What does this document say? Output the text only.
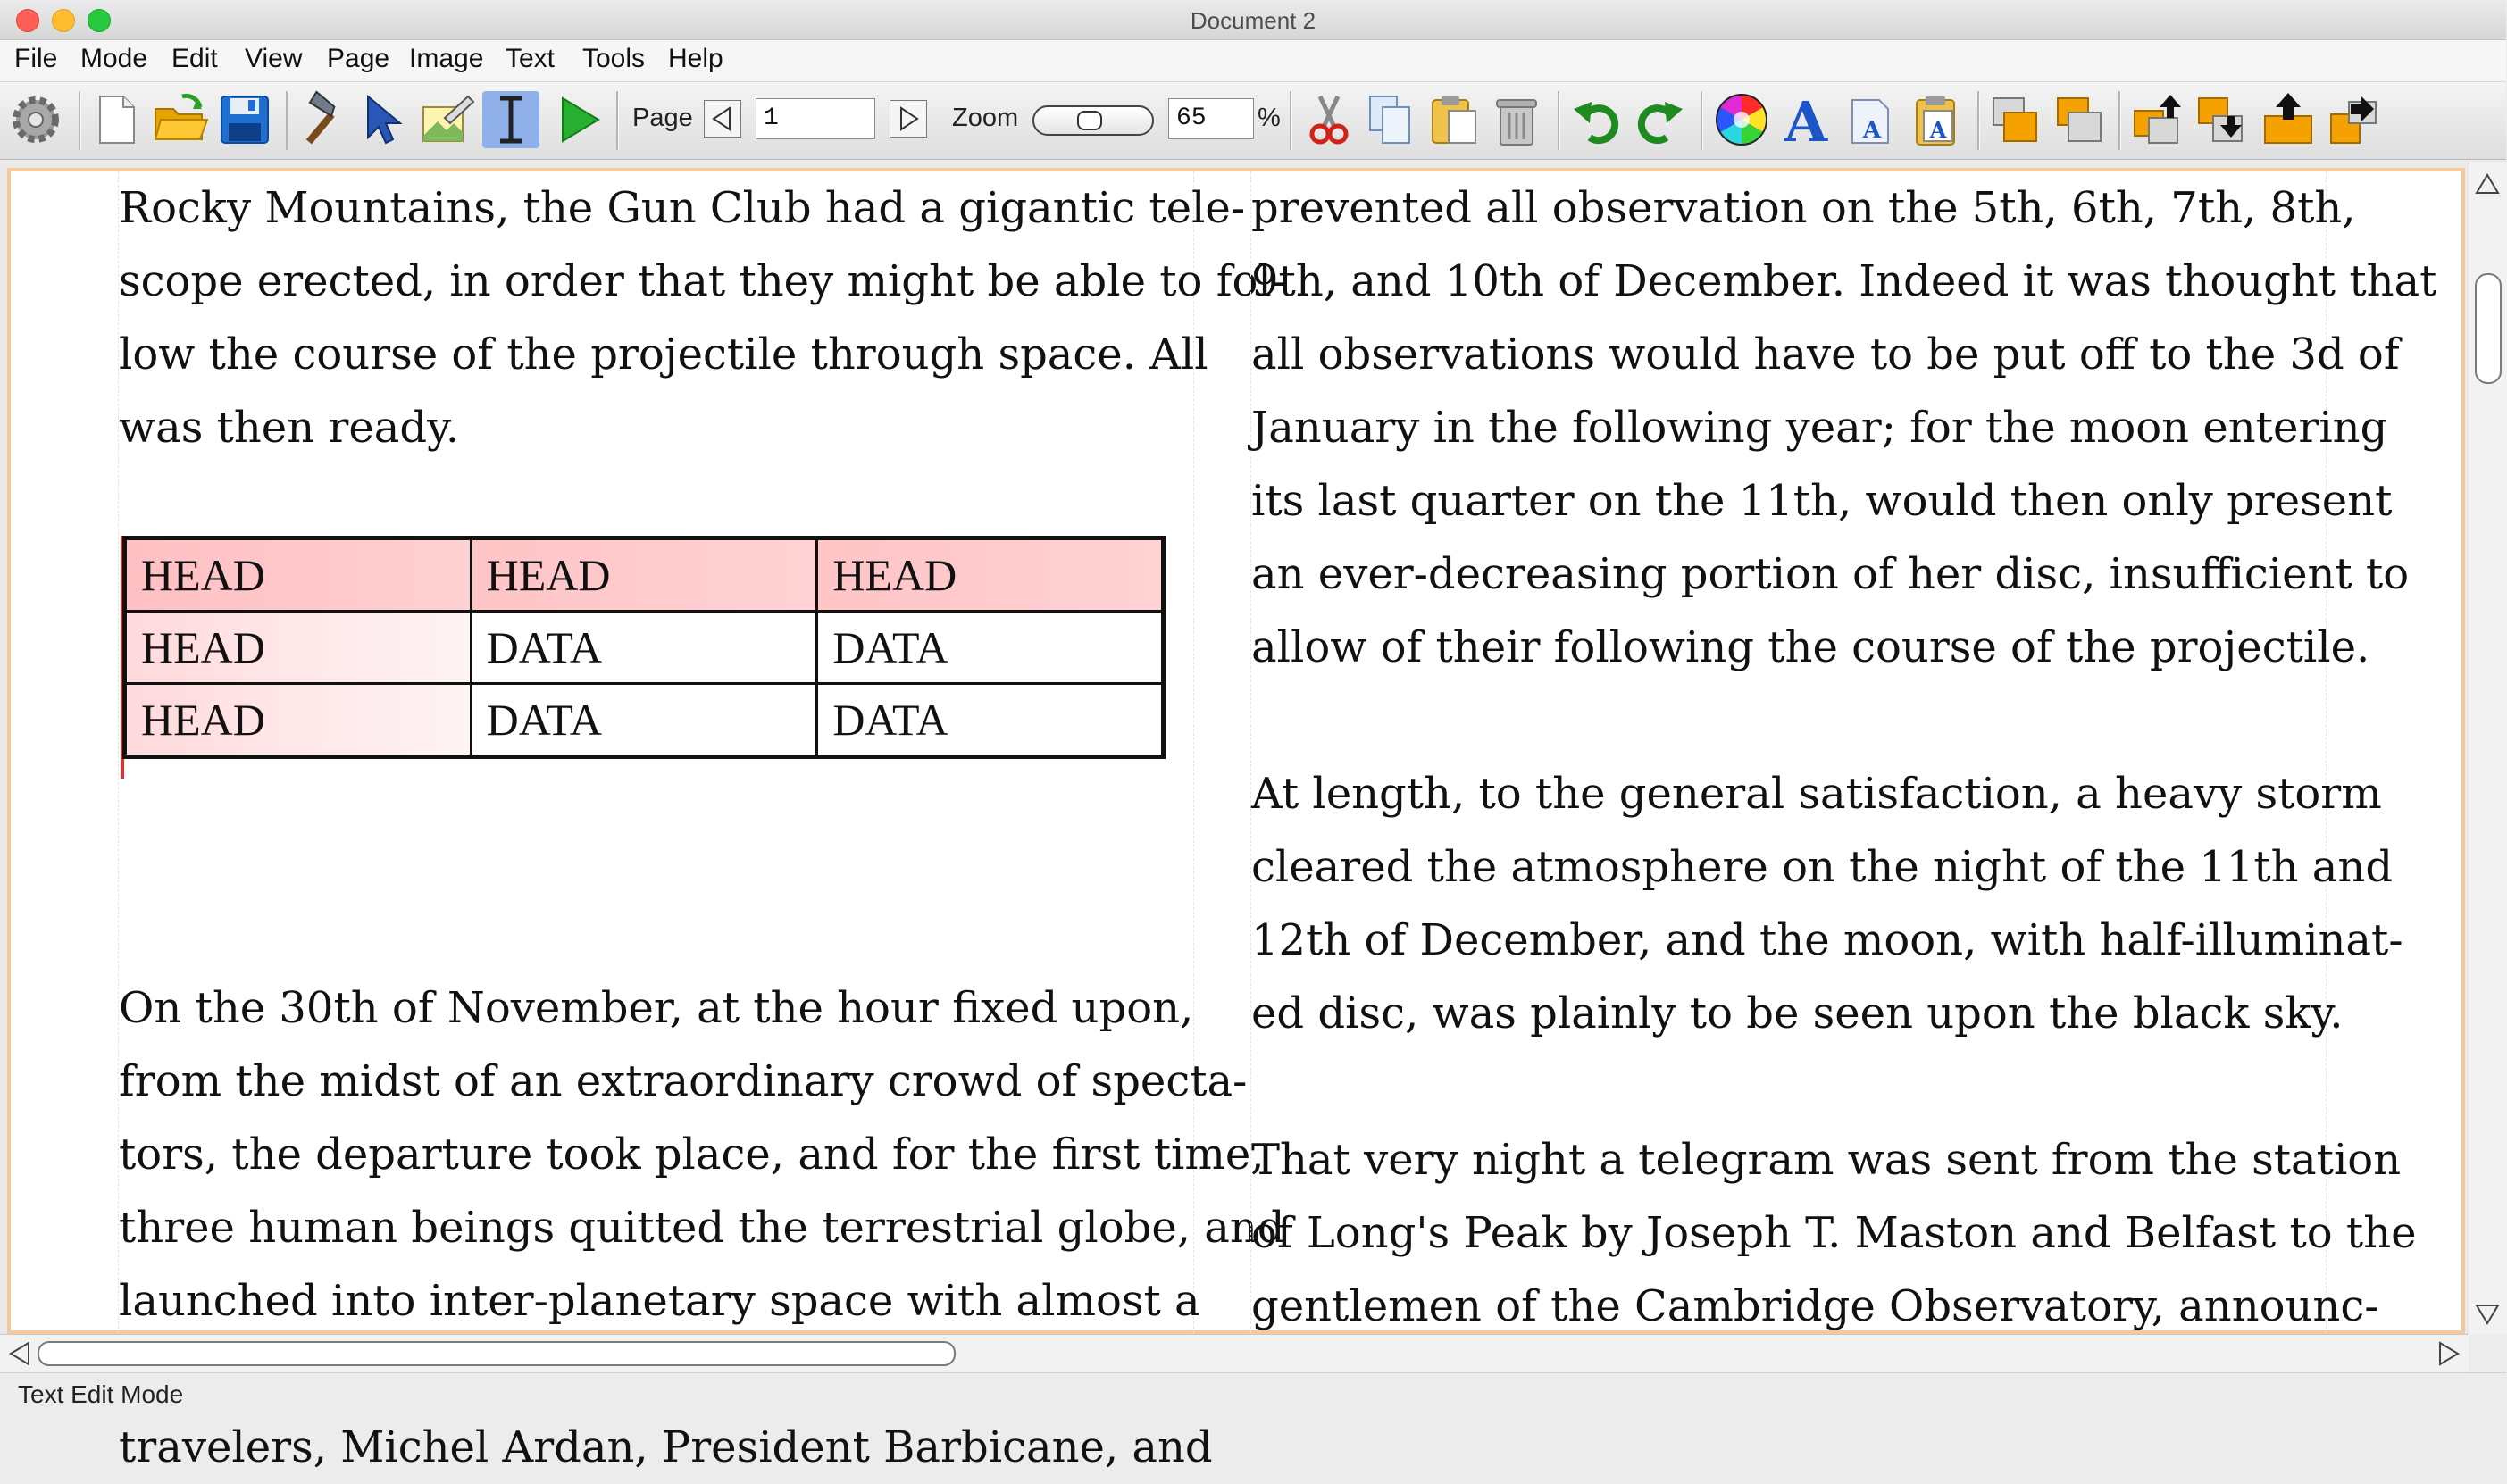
Document 2
File Mode Edit View Page Image Text Tools Help
Page	1	Zoom	65	%	A A A

Rocky Mountains, the Gun Club had a gigantic tele-

scope erected, in order that they might be able to fol-

low the course of the projectile through space. All

was then ready.

HEAD	HEAD	HEAD
HEAD	DATA	DATA
HEAD	DATA	DATA

On the 30th of November, at the hour fixed upon,

from the midst of an extraordinary crowd of specta-

tors, the departure took place, and for the first time,

three human beings quitted the terrestrial globe, and

launched into inter-planetary space with almost a

travelers, Michel Ardan, President Barbicane, and

prevented all observation on the 5th, 6th, 7th, 8th,

9th, and 10th of December. Indeed it was thought that

all observations would have to be put off to the 3d of

January in the following year; for the moon entering

its last quarter on the 11th, would then only present

an ever-decreasing portion of her disc, insufficient to

allow of their following the course of the projectile.

At length, to the general satisfaction, a heavy storm

cleared the atmosphere on the night of the 11th and

12th of December, and the moon, with half-illuminat-

ed disc, was plainly to be seen upon the black sky.

That very night a telegram was sent from the station

of Long's Peak by Joseph T. Maston and Belfast to the

gentlemen of the Cambridge Observatory, announc-

Text Edit Mode
